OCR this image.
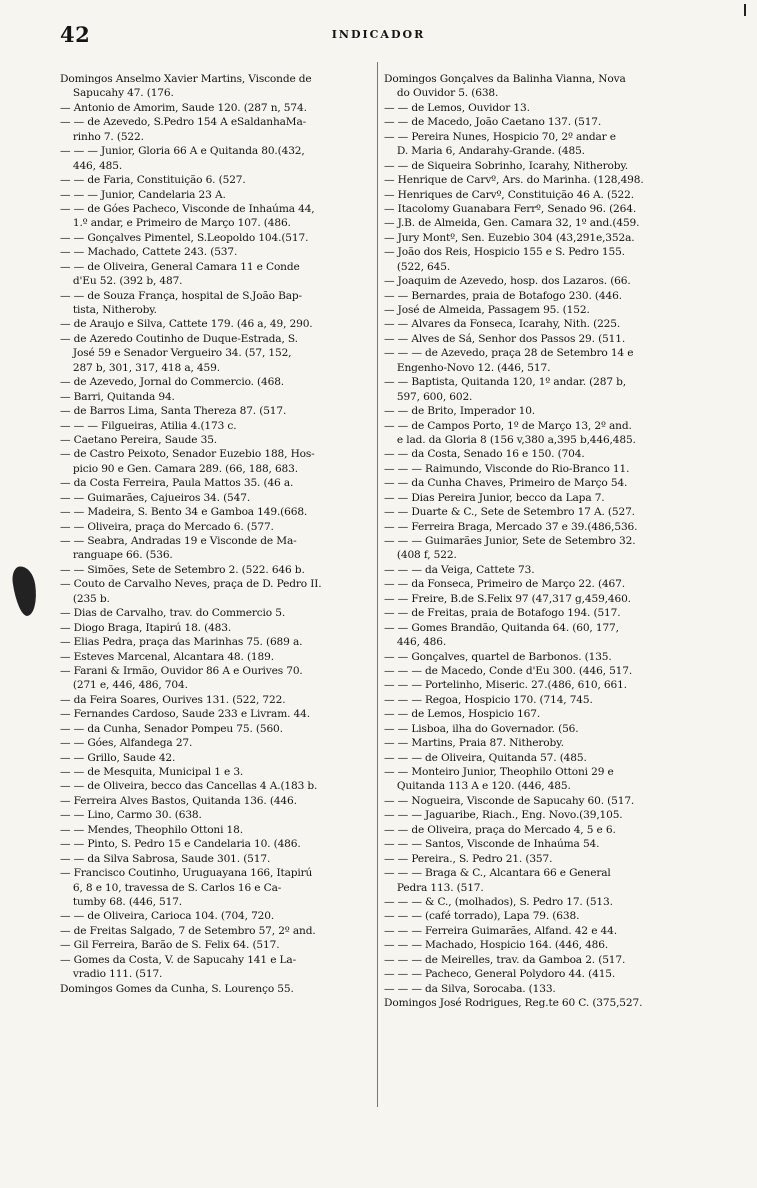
42	INDICADOR
Domingos Anselmo Xavier Martins, Visconde de
Sapucahy 47. (176.
— Antonio de Amorim, Saude 120. (287 n, 574.
— — de Azevedo, S.Pedro 154 A eSaldanhaMa-
rinho 7. (522.
— — — Junior, Gloria 66 A e Quitanda 80.(432,
446, 485.
— — de Faria, Constituição 6. (527.
— — — Junior, Candelaria 23 A.
— — de Góes Pacheco, Visconde de Inhaúma 44,
1.º andar, e Primeiro de Março 107. (486.
— — Gonçalves Pimentel, S.Leopoldo 104.(517.
— — Machado, Cattete 243. (537.
— — de Oliveira, General Camara 11 e Conde
d'Eu 52. (392 b, 487.
— — de Souza França, hospital de S.João Bap-
tista, Nitheroby.
— de Araujo e Silva, Cattete 179. (46 a, 49, 290.
— de Azeredo Coutinho de Duque-Estrada, S.
José 59 e Senador Vergueiro 34. (57, 152,
287 b, 301, 317, 418 a, 459.
— de Azevedo, Jornal do Commercio. (468.
— Barri, Quitanda 94.
— de Barros Lima, Santa Thereza 87. (517.
— — — Filgueiras, Atilia 4.(173 c.
— Caetano Pereira, Saude 35.
— de Castro Peixoto, Senador Euzebio 188, Hos-
picio 90 e Gen. Camara 289. (66, 188, 683.
— da Costa Ferreira, Paula Mattos 35. (46 a.
— — Guimarães, Cajueiros 34. (547.
— — Madeira, S. Bento 34 e Gamboa 149.(668.
— — Oliveira, praça do Mercado 6. (577.
— — Seabra, Andradas 19 e Visconde de Ma-
ranguape 66. (536.
— — Simões, Sete de Setembro 2. (522. 646 b.
— Couto de Carvalho Neves, praça de D. Pedro II.
(235 b.
— Dias de Carvalho, trav. do Commercio 5.
— Diogo Braga, Itapirú 18. (483.
— Elias Pedra, praça das Marinhas 75. (689 a.
— Esteves Marcenal, Alcantara 48. (189.
— Farani & Irmão, Ouvidor 86 A e Ourives 70.
(271 e, 446, 486, 704.
— da Feira Soares, Ourives 131. (522, 722.
— Fernandes Cardoso, Saude 233 e Livram. 44.
— — da Cunha, Senador Pompeu 75. (560.
— — Góes, Alfandega 27.
— — Grillo, Saude 42.
— — de Mesquita, Municipal 1 e 3.
— — de Oliveira, becco das Cancellas 4 A.(183 b.
— Ferreira Alves Bastos, Quitanda 136. (446.
— — Lino, Carmo 30. (638.
— — Mendes, Theophilo Ottoni 18.
— — Pinto, S. Pedro 15 e Candelaria 10. (486.
— — da Silva Sabrosa, Saude 301. (517.
— Francisco Coutinho, Uruguayana 166, Itapirú
6, 8 e 10, travessa de S. Carlos 16 e Ca-
tumby 68. (446, 517.
— — de Oliveira, Carioca 104. (704, 720.
— de Freitas Salgado, 7 de Setembro 57, 2º and.
— Gil Ferreira, Barão de S. Felix 64. (517.
— Gomes da Costa, V. de Sapucahy 141 e La-
vradio 111. (517.
Domingos Gomes da Cunha, S. Lourenço 55.
Domingos Gonçalves da Balinha Vianna, Nova
do Ouvidor 5. (638.
— — de Lemos, Ouvidor 13.
— — de Macedo, João Caetano 137. (517.
— — Pereira Nunes, Hospicio 70, 2º andar e
D. Maria 6, Andarahy-Grande. (485.
— — de Siqueira Sobrinho, Icarahy, Nitheroby.
— Henrique de Carvº, Ars. do Marinha. (128,498.
— Henriques de Carvº, Constituição 46 A. (522.
— Itacolomy Guanabara Ferrº, Senado 96. (264.
— J.B. de Almeida, Gen. Camara 32, 1º and.(459.
— Jury Montº, Sen. Euzebio 304 (43,291e,352a.
— João dos Reis, Hospicio 155 e S. Pedro 155.
(522, 645.
— Joaquim de Azevedo, hosp. dos Lazaros. (66.
— — Bernardes, praia de Botafogo 230. (446.
— José de Almeida, Passagem 95. (152.
— — Alvares da Fonseca, Icarahy, Nith. (225.
— — Alves de Sá, Senhor dos Passos 29. (511.
— — — de Azevedo, praça 28 de Setembro 14 e
Engenho-Novo 12. (446, 517.
— — Baptista, Quitanda 120, 1º andar. (287 b,
597, 600, 602.
— — de Brito, Imperador 10.
— — de Campos Porto, 1º de Março 13, 2º and.
e lad. da Gloria 8 (156 v,380 a,395 b,446,485.
— — da Costa, Senado 16 e 150. (704.
— — — Raimundo, Visconde do Rio-Branco 11.
— — da Cunha Chaves, Primeiro de Março 54.
— — Dias Pereira Junior, becco da Lapa 7.
— — Duarte & C., Sete de Setembro 17 A. (527.
— — Ferreira Braga, Mercado 37 e 39.(486,536.
— — — Guimarães Junior, Sete de Setembro 32.
(408 f, 522.
— — — da Veiga, Cattete 73.
— — da Fonseca, Primeiro de Março 22. (467.
— — Freire, B.de S.Felix 97 (47,317 g,459,460.
— — de Freitas, praia de Botafogo 194. (517.
— — Gomes Brandão, Quitanda 64. (60, 177,
446, 486.
— — Gonçalves, quartel de Barbonos. (135.
— — — de Macedo, Conde d'Eu 300. (446, 517.
— — — Portelinho, Miseric. 27.(486, 610, 661.
— — — Regoa, Hospicio 170. (714, 745.
— — de Lemos, Hospicio 167.
— — Lisboa, ilha do Governador. (56.
— — Martins, Praia 87. Nitheroby.
— — — de Oliveira, Quitanda 57. (485.
— — Monteiro Junior, Theophilo Ottoni 29 e
Quitanda 113 A e 120. (446, 485.
— — Nogueira, Visconde de Sapucahy 60. (517.
— — — Jaguaribe, Riach., Eng. Novo.(39,105.
— — de Oliveira, praça do Mercado 4, 5 e 6.
— — — Santos, Visconde de Inhaúma 54.
— — Pereira., S. Pedro 21. (357.
— — — Braga & C., Alcantara 66 e General
Pedra 113. (517.
— — — & C., (molhados), S. Pedro 17. (513.
— — — (café torrado), Lapa 79. (638.
— — — Ferreira Guimarães, Alfand. 42 e 44.
— — — Machado, Hospicio 164. (446, 486.
— — — de Meirelles, trav. da Gamboa 2. (517.
— — — Pacheco, General Polydoro 44. (415.
— — — da Silva, Sorocaba. (133.
Domingos José Rodrigues, Reg.te 60 C. (375,527.
